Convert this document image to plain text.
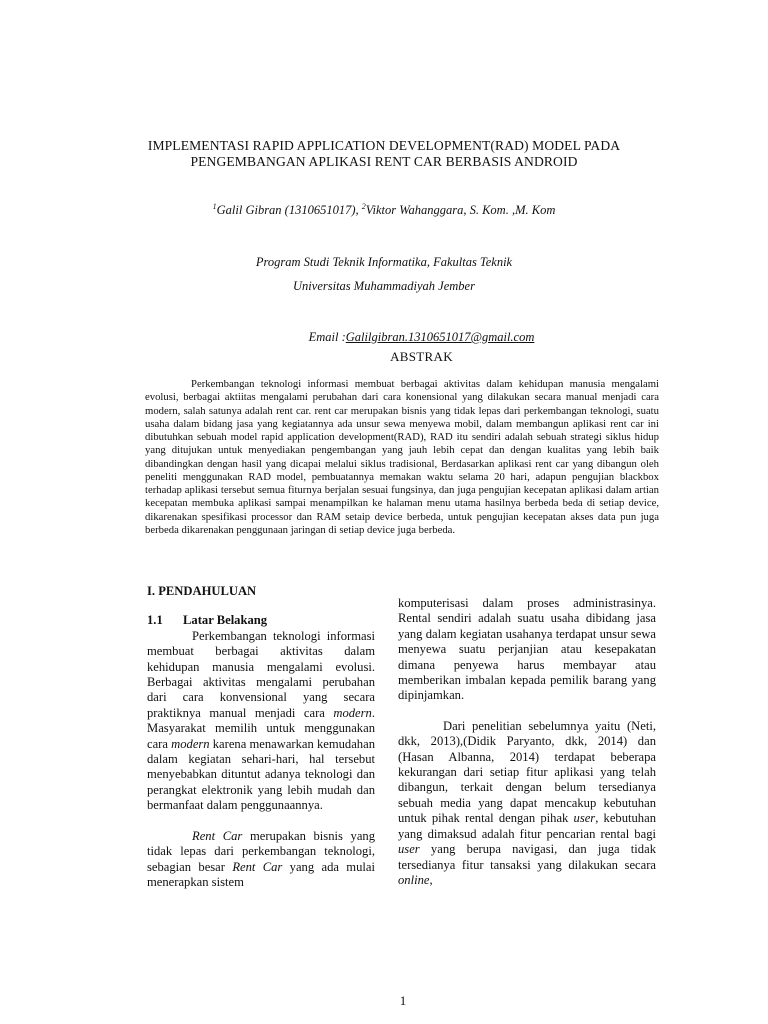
IMPLEMENTASI RAPID APPLICATION DEVELOPMENT(RAD) MODEL PADA
PENGEMBANGAN APLIKASI RENT CAR BERBASIS ANDROID
$^1$Galil Gibran (1310651017), $^2$Viktor Wahanggara, S. Kom. ,M. Kom
Program Studi Teknik Informatika, Fakultas Teknik
Universitas Muhammadiyah Jember
Email :Galilgibran.1310651017@gmail.com
ABSTRAK
Perkembangan teknologi informasi membuat berbagai aktivitas dalam kehidupan manusia mengalami evolusi, berbagai aktiitas mengalami perubahan dari cara konensional yang dilakukan secara manual menjadi cara modern, salah satunya adalah rent car. rent car merupakan bisnis yang tidak lepas dari perkembangan teknologi, suatu usaha dalam bidang jasa yang kegiatannya ada unsur sewa menyewa mobil, dalam membangun aplikasi rent car ini dibutuhkan sebuah model rapid application development(RAD), RAD itu sendiri adalah sebuah strategi siklus hidup yang ditujukan untuk menyediakan pengembangan yang jauh lebih cepat dan dengan kualitas yang lebih baik dibandingkan dengan hasil yang dicapai melalui siklus tradisional, Berdasarkan aplikasi rent car yang dibangun oleh peneliti menggunakan RAD model, pembuatannya memakan waktu selama 20 hari, adapun pengujian blackbox terhadap aplikasi tersebut semua fiturnya berjalan sesuai fungsinya, dan juga pengujian kecepatan aplikasi dalam artian kecepatan membuka aplikasi sampai menampilkan ke halaman menu utama hasilnya berbeda beda di setiap device, dikarenakan spesifikasi processor dan RAM setaip device berbeda, untuk pengujian kecepatan akses data pun juga berbeda dikarenakan penggunaan jaringan di setiap device juga berbeda.
I. PENDAHULUAN
1.1 Latar Belakang

Perkembangan teknologi informasi membuat berbagai aktivitas dalam kehidupan manusia mengalami evolusi. Berbagai aktivitas mengalami perubahan dari cara konvensional yang secara praktiknya manual menjadi cara modern. Masyarakat memilih untuk menggunakan cara modern karena menawarkan kemudahan dalam kegiatan sehari-hari, hal tersebut menyebabkan dituntut adanya teknologi dan perangkat elektronik yang lebih mudah dan bermanfaat dalam penggunaannya.

Rent Car merupakan bisnis yang tidak lepas dari perkembangan teknologi, sebagian besar Rent Car yang ada mulai menerapkan sistem

komputerisasi dalam proses administrasinya. Rental sendiri adalah suatu usaha dibidang jasa yang dalam kegiatan usahanya terdapat unsur sewa menyewa suatu perjanjian atau kesepakatan dimana penyewa harus membayar atau memberikan imbalan kepada pemilik barang yang dipinjamkan.

Dari penelitian sebelumnya yaitu (Neti, dkk, 2013),(Didik Paryanto, dkk, 2014) dan (Hasan Albanna, 2014) terdapat beberapa kekurangan dari setiap fitur aplikasi yang telah dibangun, terkait dengan belum tersedianya sebuah media yang dapat mencakup kebutuhan untuk pihak rental dengan pihak user, kebutuhan yang dimaksud adalah fitur pencarian rental bagi user yang berupa navigasi, dan juga tidak tersedianya fitur tansaksi yang dilakukan secara online,

1
